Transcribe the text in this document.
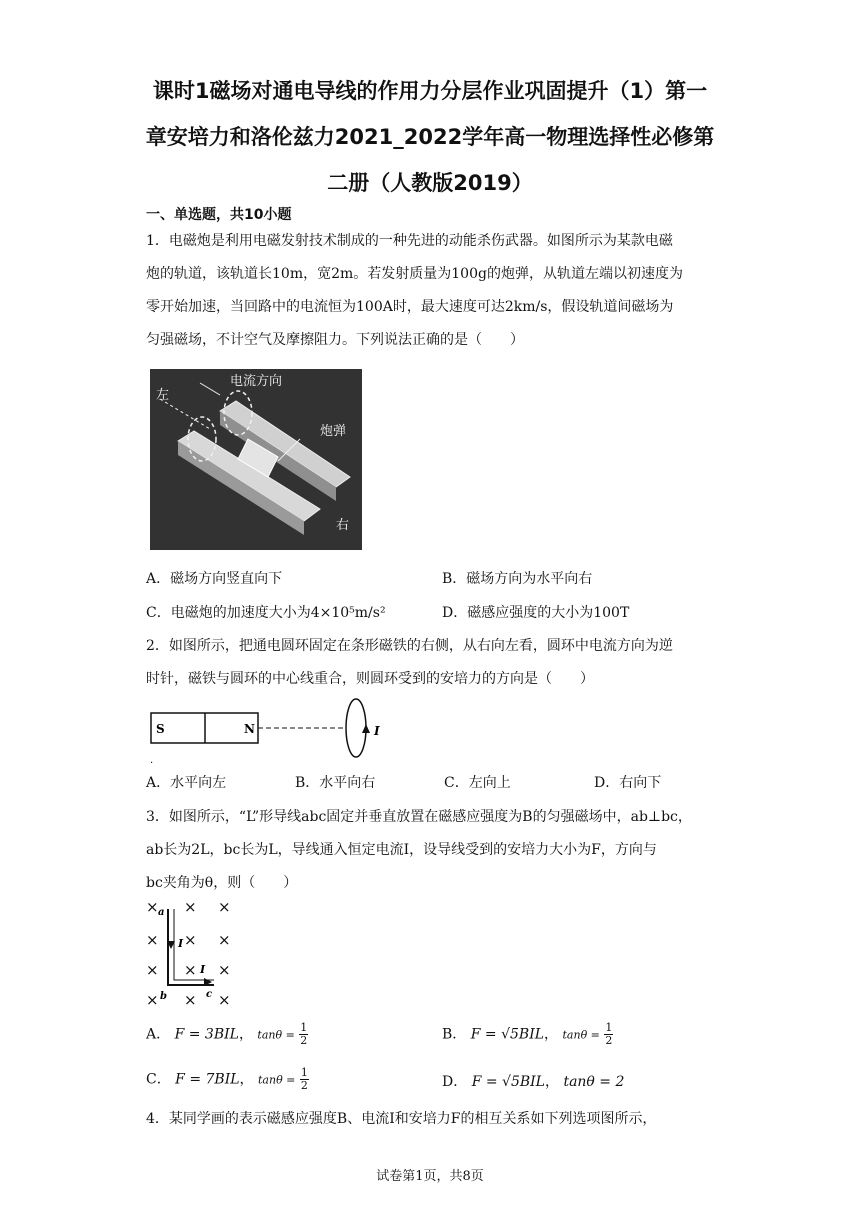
课时1磁场对通电导线的作用力分层作业巩固提升（1）第一
章安培力和洛伦兹力2021_2022学年高一物理选择性必修第
二册（人教版2019）
一、单选题，共10小题
1．电磁炮是利用电磁发射技术制成的一种先进的动能杀伤武器。如图所示为某款电磁
炮的轨道，该轨道长10m，宽2m。若发射质量为100g的炮弹，从轨道左端以初速度为
零开始加速，当回路中的电流恒为100A时，最大速度可达2km/s，假设轨道间磁场为
匀强磁场，不计空气及摩擦阻力。下列说法正确的是（　　）
电流方向
左
炮弹
右
A．磁场方向竖直向下	B．磁场方向为水平向右
C．电磁炮的加速度大小为4×10⁵m/s²	D．磁感应强度的大小为100T
2．如图所示，把通电圆环固定在条形磁铁的右侧，从右向左看，圆环中电流方向为逆
时针，磁铁与圆环的中心线重合，则圆环受到的安培力的方向是（　　）
S	N	I
.
A．水平向左	B．水平向右	C．左向上	D．右向下
3．如图所示，“L”形导线abc固定并垂直放置在磁感应强度为B的匀强磁场中，ab⊥bc，
ab长为2L，bc长为L，导线通入恒定电流I，设导线受到的安培力大小为F，方向与
bc夹角为θ，则（　　）
× × ×
× × ×
× × ×
× × ×
a
b	c
I
I
A． F = 3BIL， $\tan\theta = \frac{1}{2}$	B． F = √5BIL， $\tan\theta = \frac{1}{2}$
C． F = 7BIL， $\tan\theta = \frac{1}{2}$	D． F = √5BIL， tanθ = 2
4．某同学画的表示磁感应强度B、电流I和安培力F的相互关系如下列选项图所示，
试卷第1页，共8页
